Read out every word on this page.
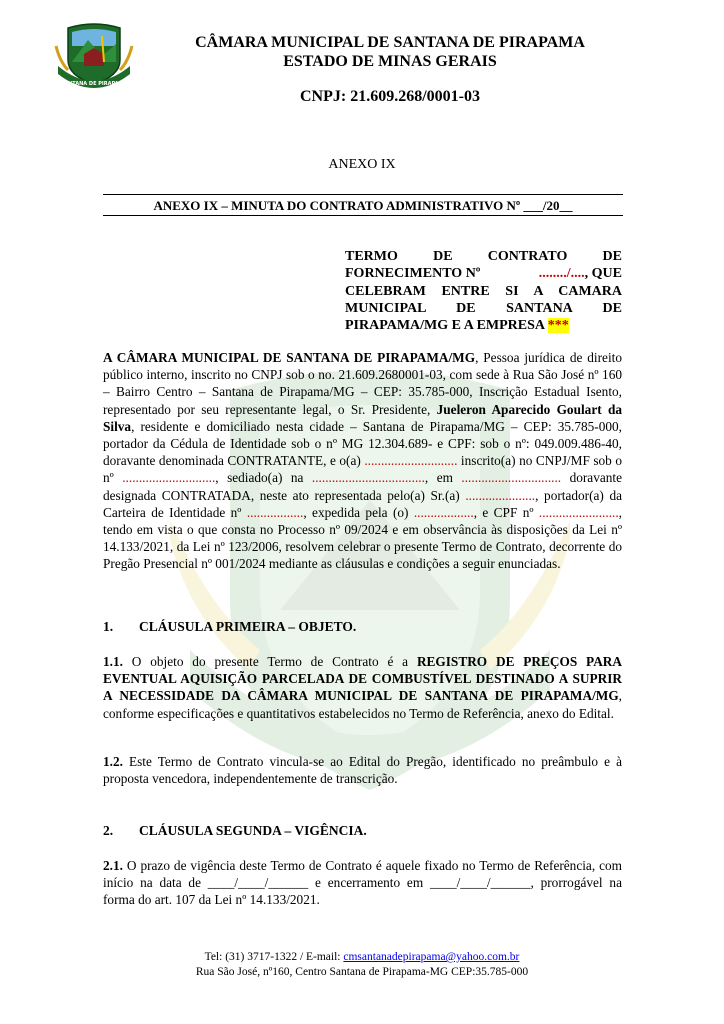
SANTANA DE PIRAPAMA
CÂMARA MUNICIPAL DE SANTANA DE PIRAPAMA
ESTADO DE MINAS GERAIS
CNPJ: 21.609.268/0001-03
ANEXO IX
ANEXO IX – MINUTA DO CONTRATO ADMINISTRATIVO Nº ___/20__
TERMO DE CONTRATO DE
FORNECIMENTO Nº	......../...., QUE
CELEBRAM ENTRE SI A CAMARA
MUNICIPAL DE SANTANA DE
PIRAPAMA/MG E A EMPRESA ***
A CÂMARA MUNICIPAL DE SANTANA DE PIRAPAMA/MG, Pessoa jurídica de direito público interno, inscrito no CNPJ sob o no. 21.609.2680001-03, com sede à Rua São José nº 160 – Bairro Centro – Santana de Pirapama/MG – CEP: 35.785-000, Inscrição Estadual Isento, representado por seu representante legal, o Sr. Presidente, Jueleron Aparecido Goulart da Silva, residente e domiciliado nesta cidade – Santana de Pirapama/MG – CEP: 35.785-000, portador da Cédula de Identidade sob o nº MG 12.304.689- e CPF: sob o nº: 049.009.486-40, doravante denominada CONTRATANTE, e o(a) ............................ inscrito(a) no CNPJ/MF sob o nº ............................, sediado(a) na .................................., em .............................. doravante designada CONTRATADA, neste ato representada pelo(a) Sr.(a) ....................., portador(a) da Carteira de Identidade nº ................., expedida pela (o) .................., e CPF nº ........................, tendo em vista o que consta no Processo nº 09/2024 e em observância às disposições da Lei nº 14.133/2021, da Lei nº 123/2006, resolvem celebrar o presente Termo de Contrato, decorrente do Pregão Presencial nº 001/2024 mediante as cláusulas e condições a seguir enunciadas.
1. CLÁUSULA PRIMEIRA – OBJETO.
1.1. O objeto do presente Termo de Contrato é a REGISTRO DE PREÇOS PARA EVENTUAL AQUISIÇÃO PARCELADA DE COMBUSTÍVEL DESTINADO A SUPRIR A NECESSIDADE DA CÂMARA MUNICIPAL DE SANTANA DE PIRAPAMA/MG, conforme especificações e quantitativos estabelecidos no Termo de Referência, anexo do Edital.
1.2. Este Termo de Contrato vincula-se ao Edital do Pregão, identificado no preâmbulo e à proposta vencedora, independentemente de transcrição.
2. CLÁUSULA SEGUNDA – VIGÊNCIA.
2.1. O prazo de vigência deste Termo de Contrato é aquele fixado no Termo de Referência, com início na data de ____/____/______ e encerramento em ____/____/______, prorrogável na forma do art. 107 da Lei nº 14.133/2021.
Tel: (31) 3717-1322 / E-mail: cmsantanadepirapama@yahoo.com.br
Rua São José, nº160, Centro Santana de Pirapama-MG CEP:35.785-000
